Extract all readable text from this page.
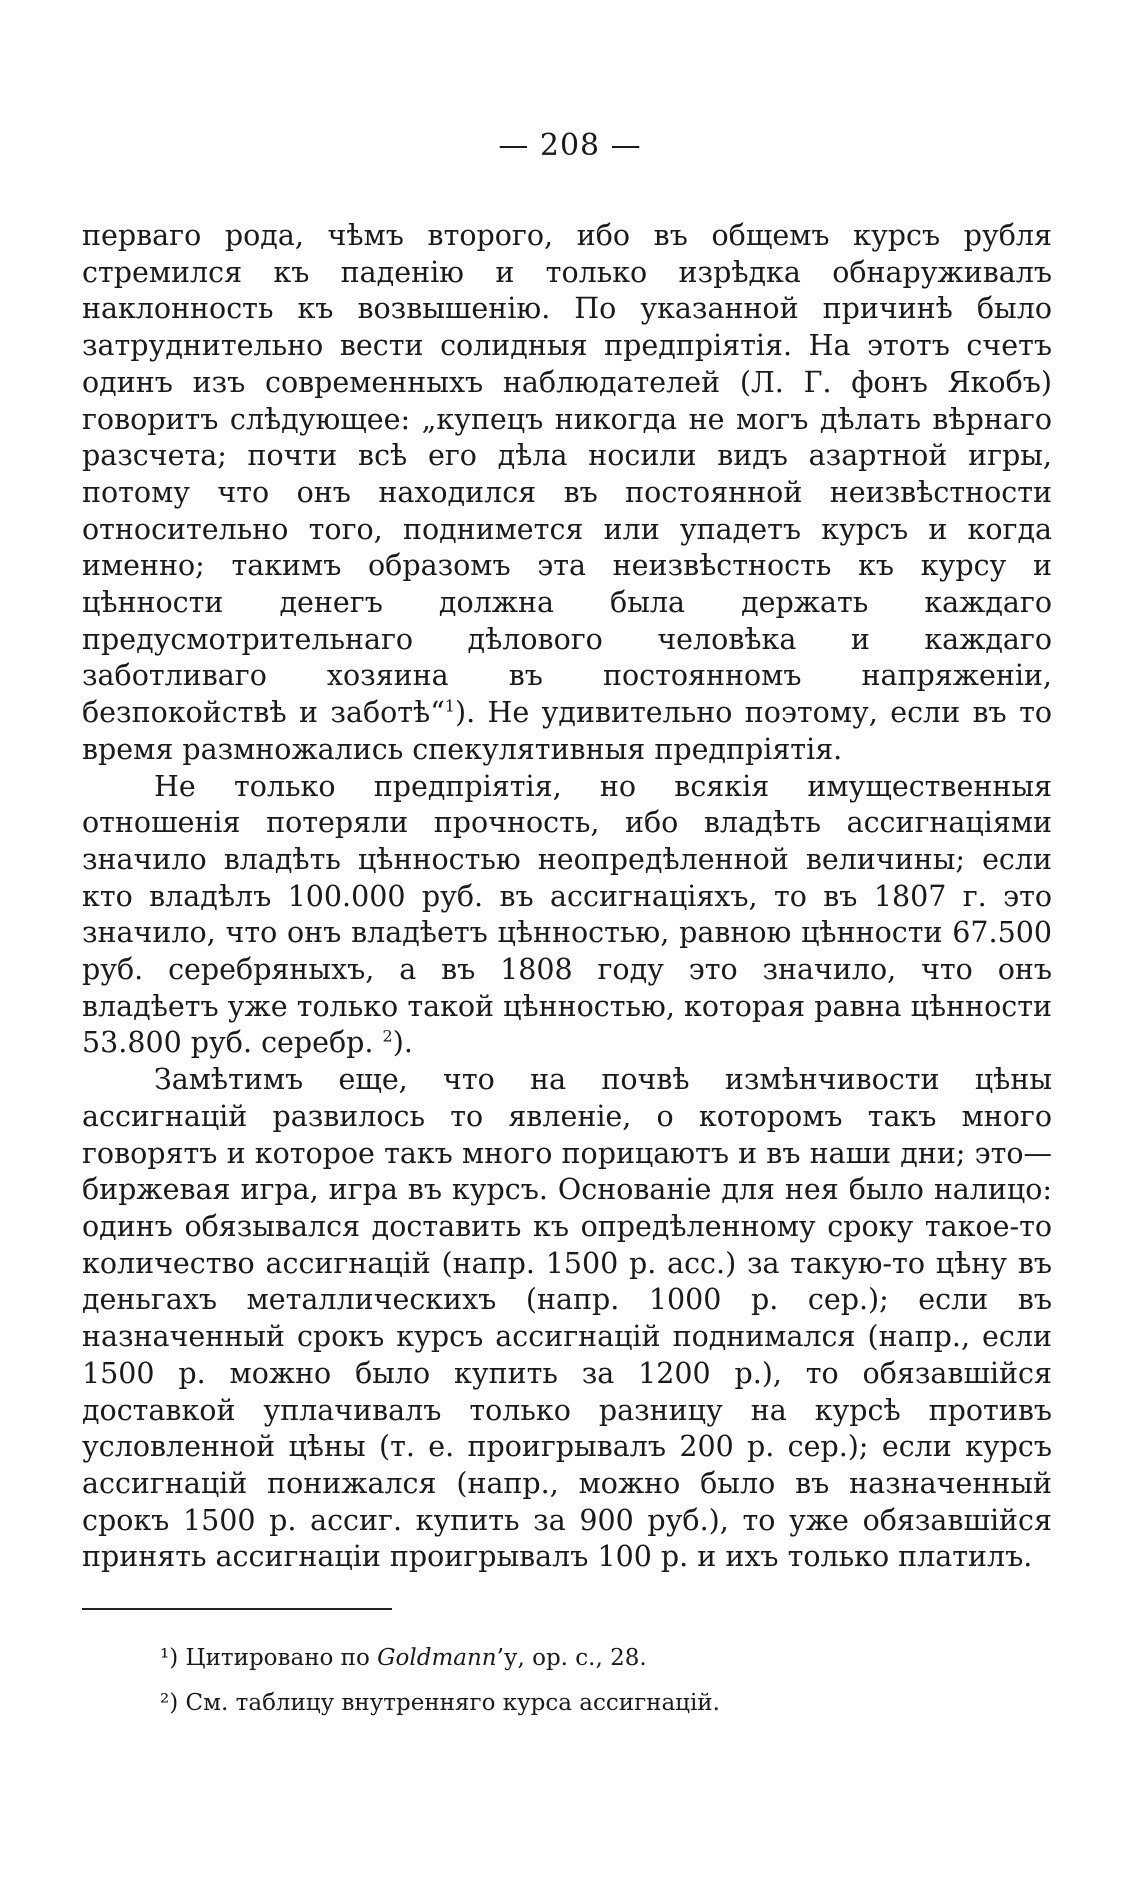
— 208 —

перваго рода, чѣмъ второго, ибо въ общемъ курсъ рубля стремился къ паденію и только изрѣдка обнаруживалъ наклонность къ возвышенію. По указанной причинѣ было затруднительно вести солидныя предпріятія. На этотъ счетъ одинъ изъ современныхъ наблюдателей (Л. Г. фонъ Якобъ) говоритъ слѣдующее: „купецъ никогда не могъ дѣлать вѣрнаго разсчета; почти всѣ его дѣла носили видъ азартной игры, потому что онъ находился въ постоянной неизвѣстности относительно того, поднимется или упадетъ курсъ и когда именно; такимъ образомъ эта неизвѣстность къ курсу и цѣнности денегъ должна была держать каждаго предусмотрительнаго дѣлового человѣка и каждаго заботливаго хозяина въ постоянномъ напряженіи, безпокойствѣ и заботѣ“$^1$). Не удивительно поэтому, если въ то время размножались спекулятивныя предпріятія.

Не только предпріятія, но всякія имущественныя отношенія потеряли прочность, ибо владѣть ассигнаціями значило владѣть цѣнностью неопредѣленной величины; если кто владѣлъ 100.000 руб. въ ассигнаціяхъ, то въ 1807 г. это значило, что онъ владѣетъ цѣнностью, равною цѣнности 67.500 руб. серебряныхъ, а въ 1808 году это значило, что онъ владѣетъ уже только такой цѣнностью, которая равна цѣнности 53.800 руб. серебр. $^2$).

Замѣтимъ еще, что на почвѣ измѣнчивости цѣны ассигнацій развилось то явленіе, о которомъ такъ много говорятъ и которое такъ много порицаютъ и въ наши дни; это—биржевая игра, игра въ курсъ. Основаніе для нея было налицо: одинъ обязывался доставить къ опредѣленному сроку такое-то количество ассигнацій (напр. 1500 р. асс.) за такую-то цѣну въ деньгахъ металлическихъ (напр. 1000 р. сер.); если въ назначенный срокъ курсъ ассигнацій поднимался (напр., если 1500 р. можно было купить за 1200 р.), то обязавшійся доставкой уплачивалъ только разницу на курсѣ противъ условленной цѣны (т. е. проигрывалъ 200 р. сер.); если курсъ ассигнацій понижался (напр., можно было въ назначенный срокъ 1500 р. ассиг. купить за 900 руб.), то уже обязавшійся принять ассигнаціи проигрывалъ 100 р. и ихъ только платилъ.

¹) Цитировано по Goldmann’у, op. c., 28.

²) См. таблицу внутренняго курса ассигнацій.
